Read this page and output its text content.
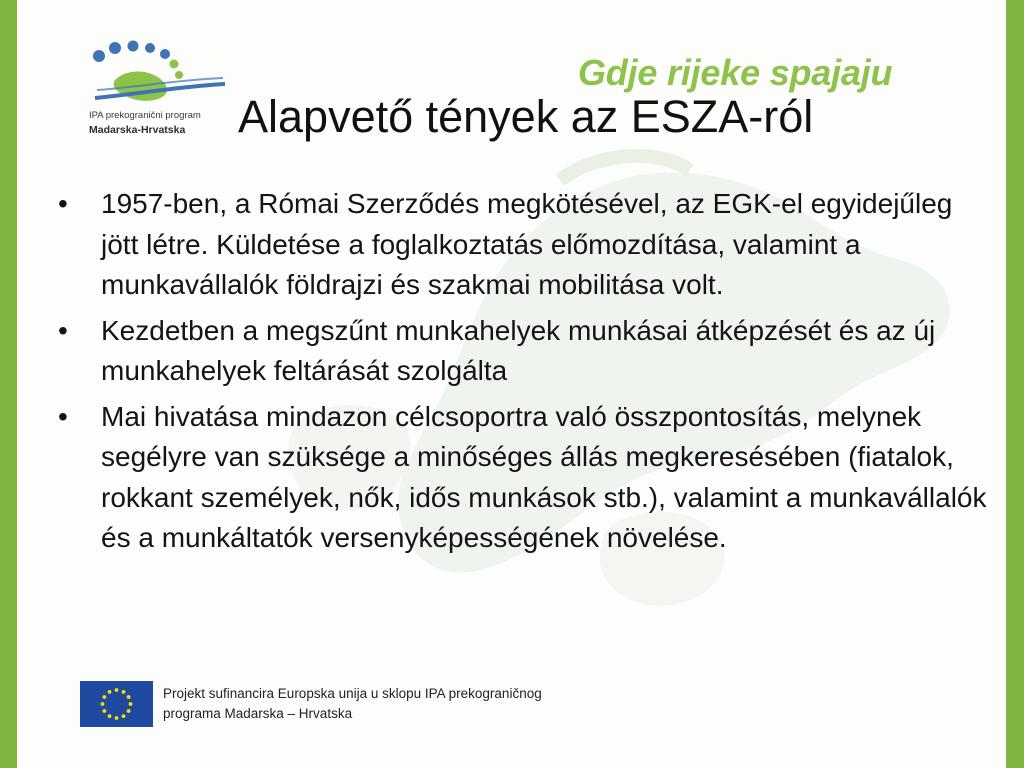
IPA prekogranični program
Madarska-Hrvatska
Gdje rijeke spajaju
Alapvető tények az ESZA-ról
•	1957-ben, a Római Szerződés megkötésével, az EGK-el egyidejűleg jött létre. Küldetése a foglalkoztatás előmozdítása, valamint a munkavállalók földrajzi és szakmai mobilitása volt.
•	Kezdetben a megszűnt munkahelyek munkásai átképzését és az új munkahelyek feltárását szolgálta
•	Mai hivatása mindazon célcsoportra való összpontosítás, melynek segélyre van szüksége a minőséges állás megkeresésében (fiatalok, rokkant személyek, nők, idős munkások stb.), valamint a munkavállalók és a munkáltatók versenyképességének növelése.
Projekt sufinancira Europska unija u sklopu IPA prekograničnog
programa Madarska – Hrvatska
